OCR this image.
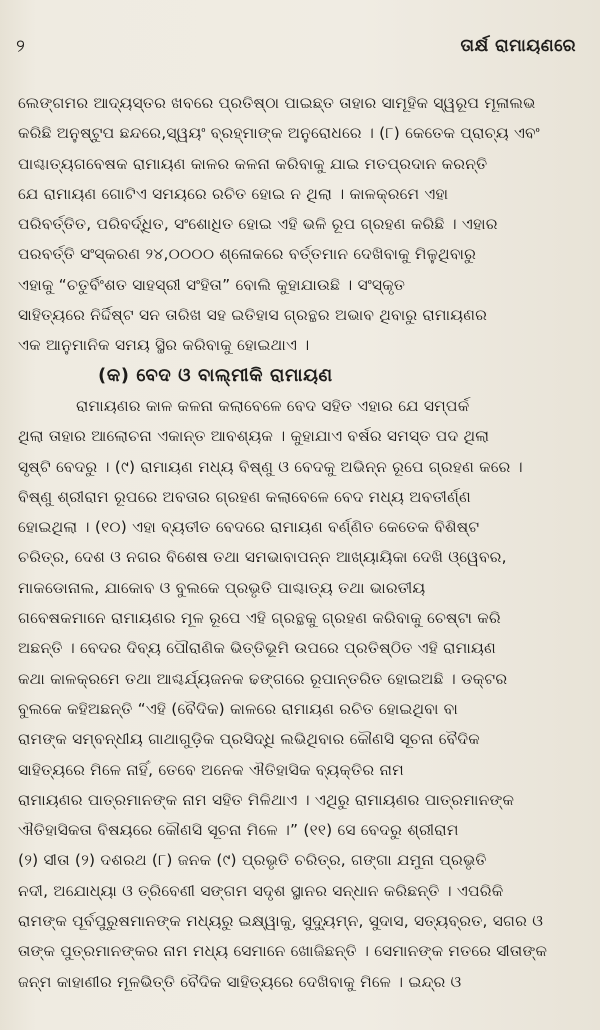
୨	ତାର୍କ୍ଷ ରାମାୟଣରେ
ଲେଙ୍ଗମର ଆଦ୍ୟସ୍ତର ଖବରେ ପ୍ରତିଷ୍ଠା ପାଇଛ୍ତ ତାହାର ସାମୂହିକ ସ୍ୱରୂପ ମୂଳାଲଭ
କରିଛି ଅନୁଷ୍ଟୁପ ଛନ୍ଦରେ,ସ୍ୱୟଂ ବ୍ରହ୍ମାଙ୍କ ଅନୁରୋଧରେ । (୮) କେତେକ ପ୍ରାଚ୍ୟ ଏବଂ
ପାଶ୍ଚାତ୍ୟଗବେଷକ ରାମାୟଣ କାଳର କଳନା କରିବାକୁ ଯାଇ ମତପ୍ରଦାନ କରନ୍ତି
ଯେ ରାମାୟଣ ଗୋଟିଏ ସମୟରେ ରଚିତ ହୋଇ ନ ଥିଲା । କାଳକ୍ରମେ ଏହା
ପରିବର୍ତ୍ତିତ, ପରିବର୍ଦ୍ଧିତ, ସଂଶୋଧିତ ହୋଇ ଏହି ଭଳି ରୂପ ଗ୍ରହଣ କରିଛି । ଏହାର
ପରବର୍ତ୍ତି ସଂସ୍କରଣ ୨୪,୦୦୦୦ ଶ୍ଳୋକରେ ବର୍ତ୍ତମାନ ଦେଖିବାକୁ ମିଳୁଥିବାରୁ
ଏହାକୁ “ଚତୁର୍ବିଂଶତ ସାହସ୍ରୀ ସଂହିତା” ବୋଲି କୁହାଯାଉଛି । ସଂସ୍କୃତ
ସାହିତ୍ୟରେ ନିର୍ଦ୍ଦିଷ୍ଟ ସନ ତାରିଖ ସହ ଇତିହାସ ଗ୍ରନ୍ଥର ଅଭାବ ଥିବାରୁ ରାମାୟଣର
ଏକ ଆନୁମାନିକ ସମୟ ସ୍ଥିର କରିବାକୁ ହୋଇଥାଏ ।
(କ) ବେଦ ଓ ବାଲ୍ମୀକି ରାମାୟଣ
ରାମାୟଣର କାଳ କଳନା କଲାବେଳେ ବେଦ ସହିତ ଏହାର ଯେ ସମ୍ପର୍କ
ଥିଲା ତାହାର ଆଲୋଚନା ଏକାନ୍ତ ଆବଶ୍ୟକ । କୁହାଯାଏ ବର୍ଷର ସମସ୍ତ ପଦ ଥିଲା
ସୃଷ୍ଟି ବେଦରୁ । (୯) ରାମାୟଣ ମଧ୍ୟ ବିଷ୍ଣୁ ଓ ବେଦକୁ ଅଭିନ୍ନ ରୂପେ ଗ୍ରହଣ କରେ ।
ବିଷ୍ଣୁ ଶ୍ରୀରାମ ରୂପରେ ଅବତାର ଗ୍ରହଣ କଲାବେଳେ ବେଦ ମଧ୍ୟ ଅବତୀର୍ଣ୍ଣ
ହୋଇଥିଲା । (୧୦) ଏହା ବ୍ୟତୀତ ବେଦରେ ରାମାୟଣ ବର୍ଣ୍ଣିତ କେତେକ ବିଶିଷ୍ଟ
ଚରିତ୍ର, ଦେଶ ଓ ନଗର ବିଶେଷ ତଥା ସମଭାବାପନ୍ନ ଆଖ୍ୟାୟିକା ଦେଖି ଓ୍ୱେବର,
ମାକଡୋନାଲ, ଯାକୋବ ଓ ବୁଲକେ ପ୍ରଭୃତି ପାଶ୍ଚାତ୍ୟ ତଥା ଭାରତୀୟ
ଗବେଷକମାନେ ରାମାୟଣର ମୂଳ ରୂପେ ଏହି ଗ୍ରନ୍ଥକୁ ଗ୍ରହଣ କରିବାକୁ ଚେଷ୍ଟା କରି
ଅଛନ୍ତି । ବେଦର ଦିବ୍ୟ ପୌରାଣିକ ଭିତ୍ତିଭୂମି ଉପରେ ପ୍ରତିଷ୍ଠିତ ଏହି ରାମାୟଣ
କଥା କାଳକ୍ରମେ ତଥା ଆଶ୍ଚର୍ଯ୍ୟଜନକ ଢଙ୍ଗରେ ରୂପାନ୍ତରିତ ହୋଇଅଛି । ଡକ୍ଟର
ବୁଲକେ କହିଅଛନ୍ତି “ଏହି (ବୈଦିକ) କାଳରେ ରାମାୟଣ ରଚିତ ହୋଇଥିବା ବା
ରାମଙ୍କ ସମ୍ବନ୍ଧୀୟ ଗାଥାଗୁଡ଼ିକ ପ୍ରସିଦ୍ଧି ଲଭିଥିବାର କୌଣସି ସୂଚନା ବୈଦିକ
ସାହିତ୍ୟରେ ମିଳେ ନାହିଁ, ତେବେ ଅନେକ ଐତିହାସିକ ବ୍ୟକ୍ତିର ନାମ
ରାମାୟଣର ପାତ୍ରମାନଙ୍କ ନାମ ସହିତ ମିଳିଥାଏ । ଏଥିରୁ ରାମାୟଣର ପାତ୍ରମାନଙ୍କ
ଐତିହାସିକତା ବିଷୟରେ କୌଣସି ସୂଚନା ମିଳେ ।” (୧୧) ସେ ବେଦରୁ ଶ୍ରୀରାମ
(୨) ସୀତା (୨) ଦଶରଥ (୮) ଜନକ (୯) ପ୍ରଭୃତି ଚରିତ୍ର, ଗଙ୍ଗା ଯମୁନା ପ୍ରଭୃତି
ନଦୀ, ଅଯୋଧ୍ୟା ଓ ତ୍ରିବେଣୀ ସଙ୍ଗମ ସଦୃଶ ସ୍ଥାନର ସନ୍ଧାନ କରିଛନ୍ତି । ଏପରିକି
ରାମଙ୍କ ପୂର୍ବପୁରୁଷମାନଙ୍କ ମଧ୍ୟରୁ ଇକ୍ଷ୍ୱାକୁ, ସୁଦ୍ୟୁମ୍ନ, ସୁଦାସ, ସତ୍ୟବ୍ରତ, ସଗର ଓ
ତାଙ୍କ ପୁତ୍ରମାନଙ୍କର ନାମ ମଧ୍ୟ ସେମାନେ ଖୋଜିଛନ୍ତି । ସେମାନଙ୍କ ମତରେ ସୀତାଙ୍କ
ଜନ୍ମ କାହାଣୀର ମୂଳଭିତ୍ତି ବୈଦିକ ସାହିତ୍ୟରେ ଦେଖିବାକୁ ମିଳେ । ଇନ୍ଦ୍ର ଓ
